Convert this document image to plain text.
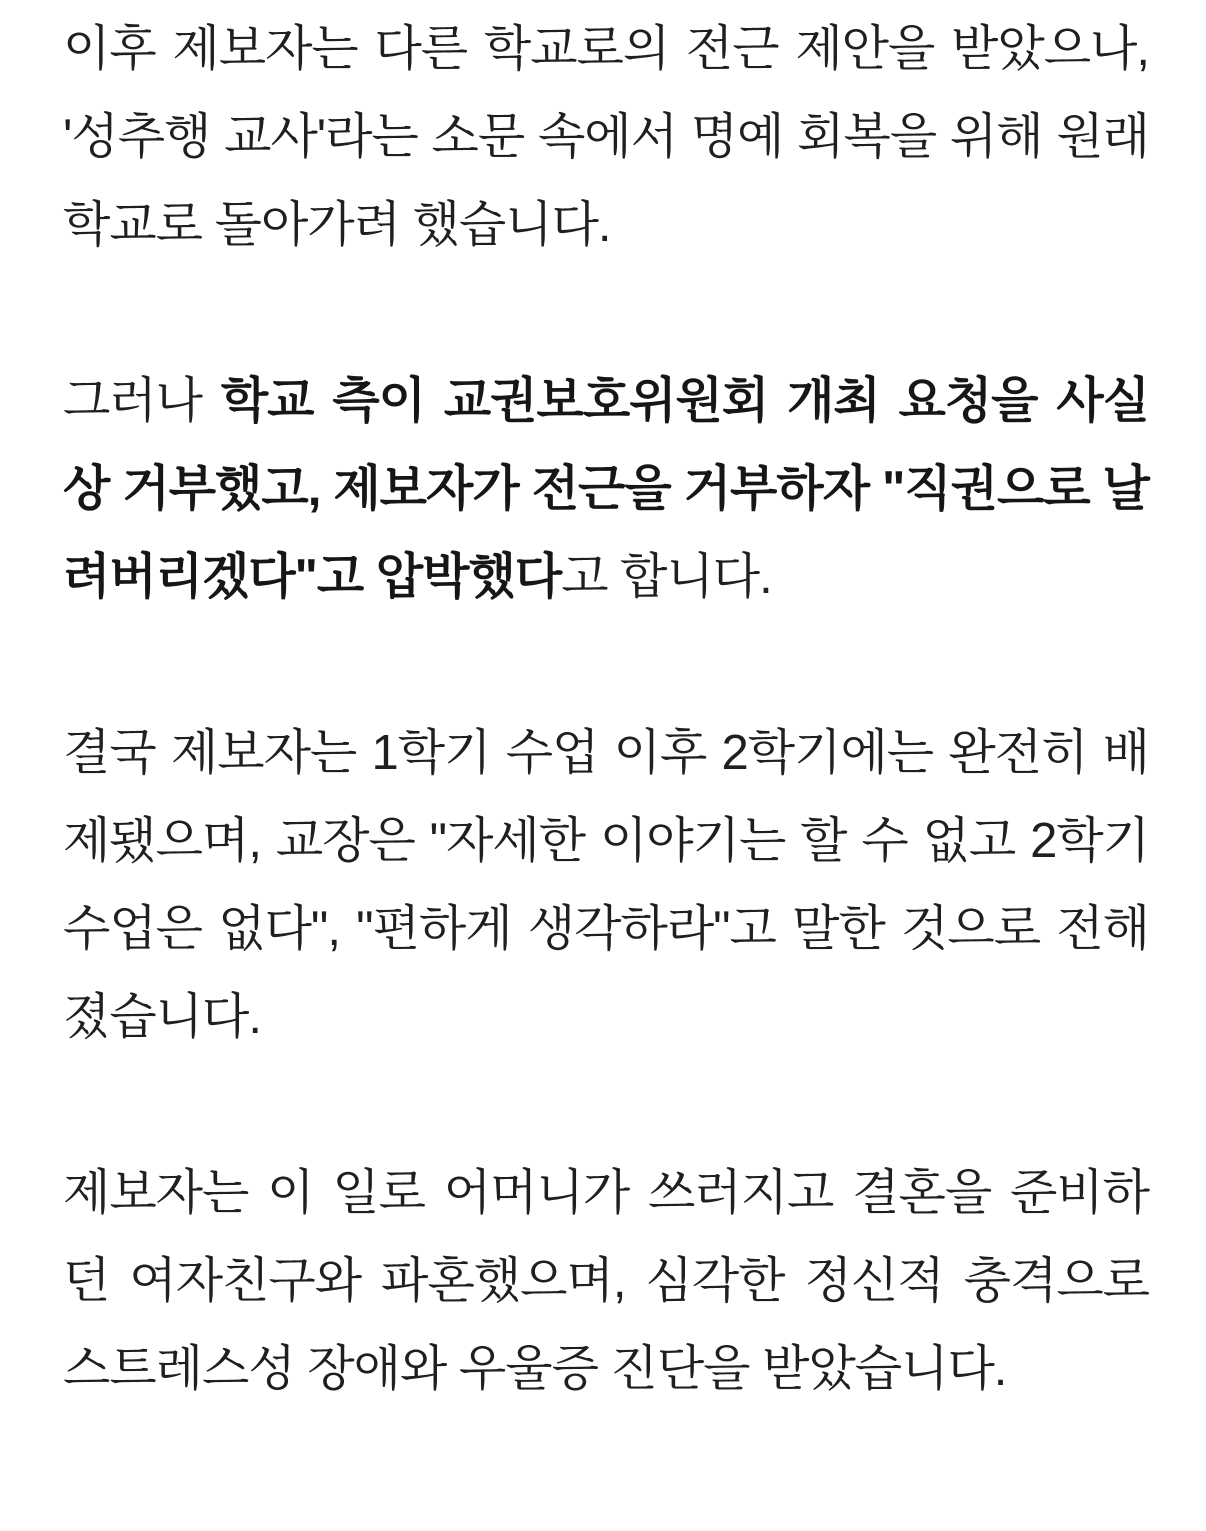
이후 제보자는 다른 학교로의 전근 제안을 받았으나, '성추행 교사'라는 소문 속에서 명예 회복을 위해 원래 학교로 돌아가려 했습니다.

그러나 학교 측이 교권보호위원회 개최 요청을 사실상 거부했고, 제보자가 전근을 거부하자 "직권으로 날려버리겠다"고 압박했다고 합니다.

결국 제보자는 1학기 수업 이후 2학기에는 완전히 배제됐으며, 교장은 "자세한 이야기는 할 수 없고 2학기 수업은 없다", "편하게 생각하라"고 말한 것으로 전해졌습니다.

제보자는 이 일로 어머니가 쓰러지고 결혼을 준비하던 여자친구와 파혼했으며, 심각한 정신적 충격으로 스트레스성 장애와 우울증 진단을 받았습니다.
